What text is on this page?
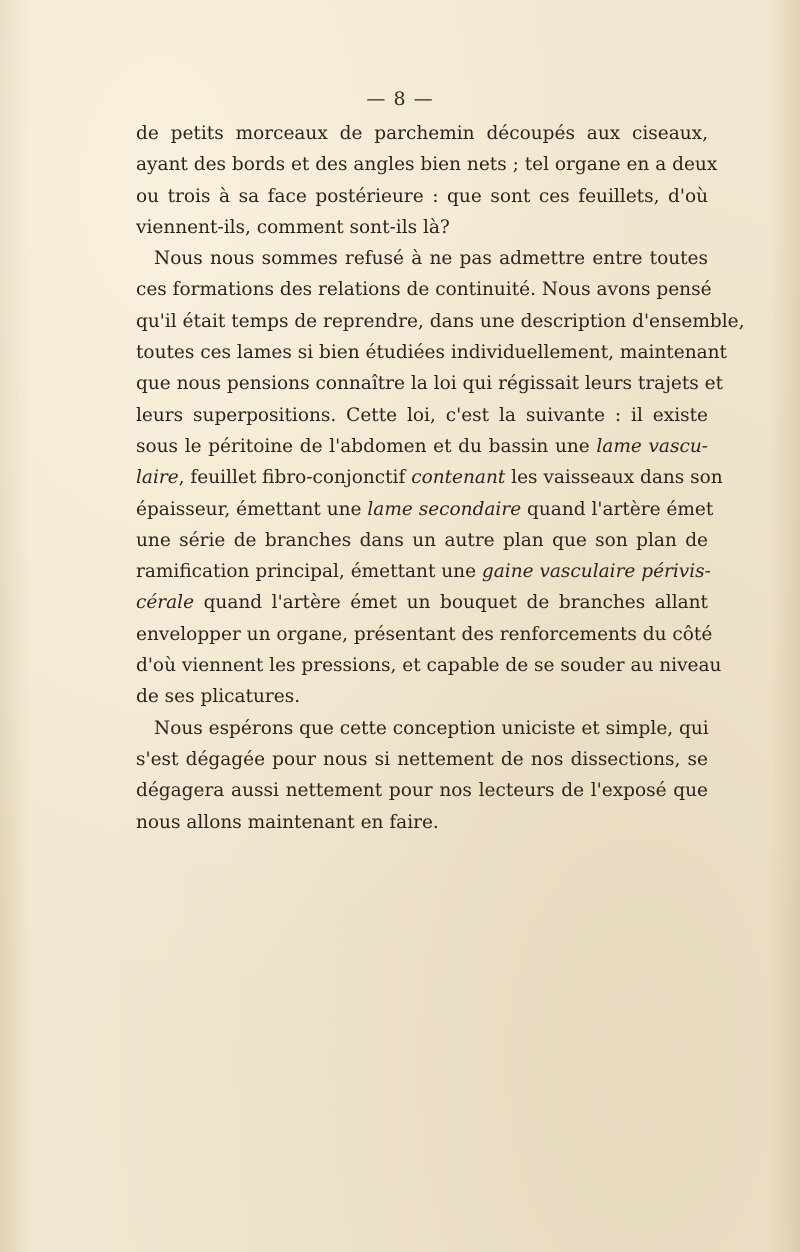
— 8 —
de petits morceaux de parchemin découpés aux ciseaux,
ayant des bords et des angles bien nets ; tel organe en a deux
ou trois à sa face postérieure : que sont ces feuillets, d'où
viennent-ils, comment sont-ils là?
Nous nous sommes refusé à ne pas admettre entre toutes
ces formations des relations de continuité. Nous avons pensé
qu'il était temps de reprendre, dans une description d'ensemble,
toutes ces lames si bien étudiées individuellement, maintenant
que nous pensions connaître la loi qui régissait leurs trajets et
leurs superpositions. Cette loi, c'est la suivante : il existe
sous le péritoine de l'abdomen et du bassin une lame vascu-
laire, feuillet fibro-conjonctif contenant les vaisseaux dans son
épaisseur, émettant une lame secondaire quand l'artère émet
une série de branches dans un autre plan que son plan de
ramification principal, émettant une gaine vasculaire périvis-
cérale quand l'artère émet un bouquet de branches allant
envelopper un organe, présentant des renforcements du côté
d'où viennent les pressions, et capable de se souder au niveau
de ses plicatures.
Nous espérons que cette conception uniciste et simple, qui
s'est dégagée pour nous si nettement de nos dissections, se
dégagera aussi nettement pour nos lecteurs de l'exposé que
nous allons maintenant en faire.
